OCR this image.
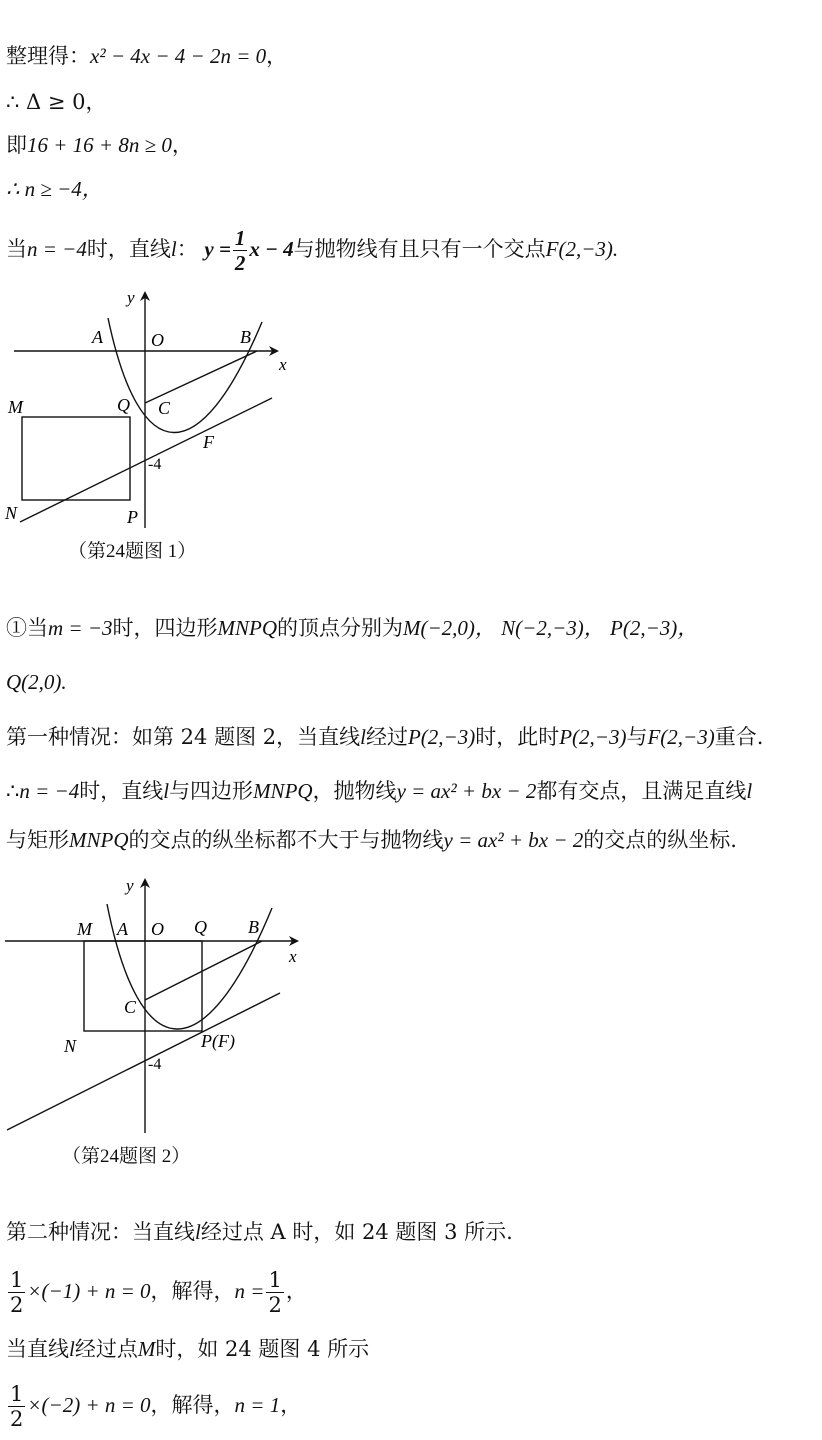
整理得：x² − 4x − 4 − 2n = 0，
∴ Δ ≥ 0，
即16 + 16 + 8n ≥ 0，
∴ n ≥ −4，
当n = −4时，直线l： $y = \frac{1}{2}$ x − 4与抛物线有且只有一个交点F(2,−3).
y
x
A	O	B
M	Q C
F
-4
N	P
（第24题图 1）
①当m = −3时，四边形MNPQ的顶点分别为M(−2,0)， N(−2,−3)， P(2,−3)，
Q(2,0).
第一种情况：如第 24 题图 2，当直线l经过P(2,−3)时，此时P(2,−3)与F(2,−3)重合.
∴n = −4时，直线l与四边形MNPQ，抛物线y = ax² + bx − 2都有交点，且满足直线l
与矩形MNPQ的交点的纵坐标都不大于与抛物线y = ax² + bx − 2的交点的纵坐标.
y
x
M A O Q B
C
N	P(F)
-4
（第24题图 2）
第二种情况：当直线l经过点 A 时，如 24 题图 3 所示.
$\frac{1}{2} \times(-1) + n = 0$，解得，$n = \frac{1}{2}$ ，
当直线l经过点M时，如 24 题图 4 所示
$\frac{1}{2} \times(-2) + n = 0$，解得，n = 1，
